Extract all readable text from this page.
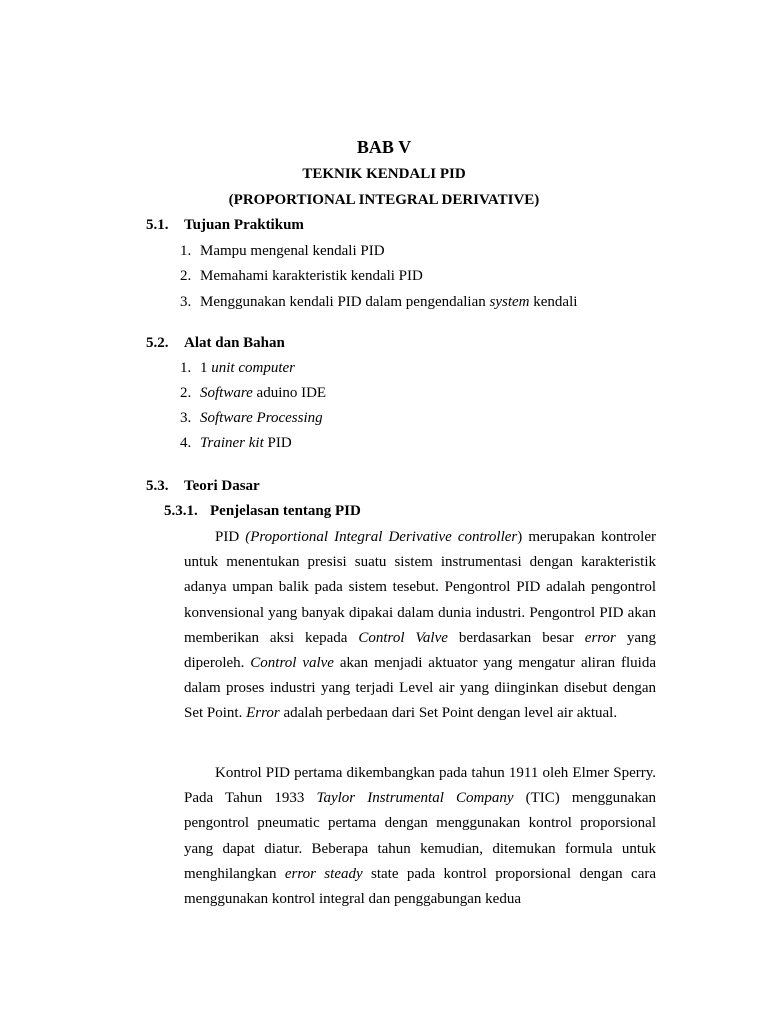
BAB V
TEKNIK KENDALI PID
(PROPORTIONAL INTEGRAL DERIVATIVE)
5.1. Tujuan Praktikum
1. Mampu mengenal kendali PID
2. Memahami karakteristik kendali PID
3. Menggunakan kendali PID dalam pengendalian system kendali
5.2. Alat dan Bahan
1. 1 unit computer
2. Software aduino IDE
3. Software Processing
4. Trainer kit PID
5.3. Teori Dasar
5.3.1. Penjelasan tentang PID

PID (Proportional Integral Derivative controller) merupakan kontroler untuk menentukan presisi suatu sistem instrumentasi dengan karakteristik adanya umpan balik pada sistem tesebut. Pengontrol PID adalah pengontrol konvensional yang banyak dipakai dalam dunia industri. Pengontrol PID akan memberikan aksi kepada Control Valve berdasarkan besar error yang diperoleh. Control valve akan menjadi aktuator yang mengatur aliran fluida dalam proses industri yang terjadi Level air yang diinginkan disebut dengan Set Point. Error adalah perbedaan dari Set Point dengan level air aktual.

Kontrol PID pertama dikembangkan pada tahun 1911 oleh Elmer Sperry. Pada Tahun 1933 Taylor Instrumental Company (TIC) menggunakan pengontrol pneumatic pertama dengan menggunakan kontrol proporsional yang dapat diatur. Beberapa tahun kemudian, ditemukan formula untuk menghilangkan error steady state pada kontrol proporsional dengan cara menggunakan kontrol integral dan penggabungan kedua
